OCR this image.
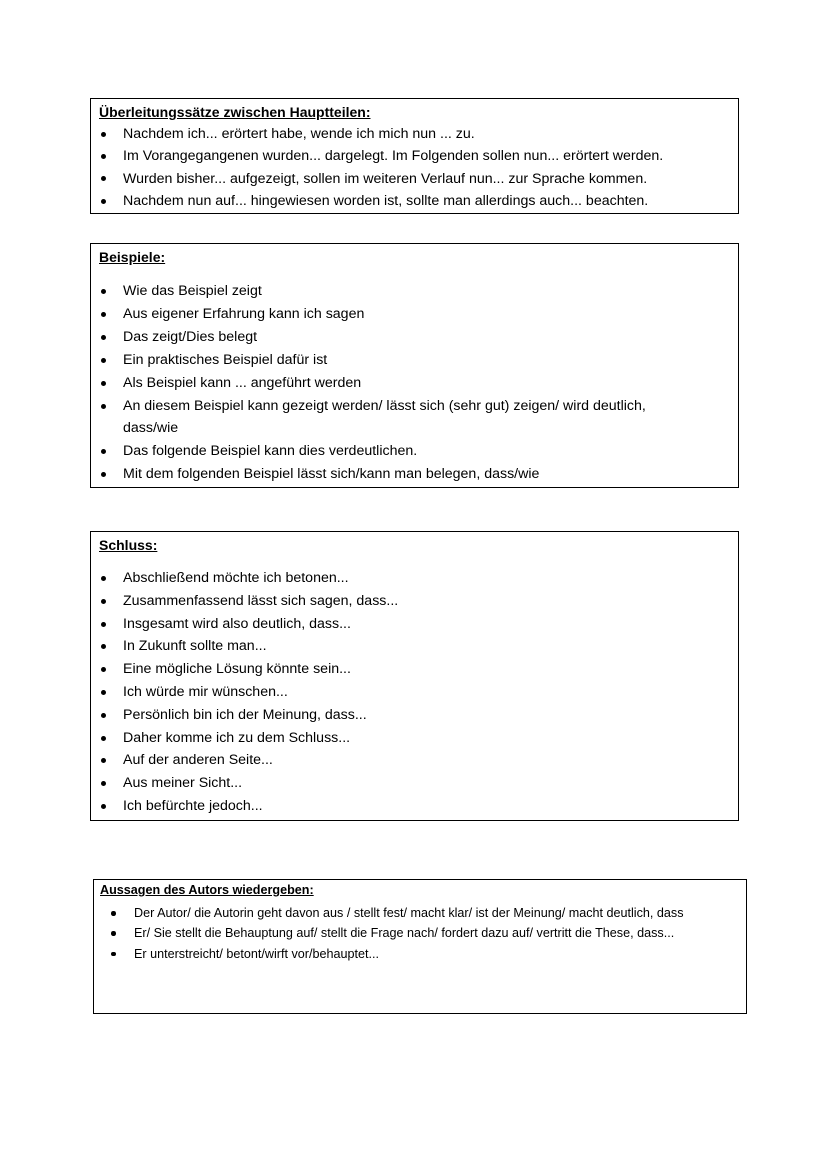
Überleitungssätze zwischen Hauptteilen:

Nachdem ich... erörtert habe, wende ich mich nun ... zu.
Im Vorangegangenen wurden... dargelegt. Im Folgenden sollen nun... erörtert werden.
Wurden bisher... aufgezeigt, sollen im weiteren Verlauf nun... zur Sprache kommen.
Nachdem nun auf... hingewiesen worden ist, sollte man allerdings auch... beachten.

Beispiele:

Wie das Beispiel zeigt
Aus eigener Erfahrung kann ich sagen
Das zeigt/Dies belegt
Ein praktisches Beispiel dafür ist
Als Beispiel kann ... angeführt werden
An diesem Beispiel kann gezeigt werden/ lässt sich (sehr gut) zeigen/ wird deutlich, dass/wie
Das folgende Beispiel kann dies verdeutlichen.
Mit dem folgenden Beispiel lässt sich/kann man belegen, dass/wie

Schluss:

Abschließend möchte ich betonen...
Zusammenfassend lässt sich sagen, dass...
Insgesamt wird also deutlich, dass...
In Zukunft sollte man...
Eine mögliche Lösung könnte sein...
Ich würde mir wünschen...
Persönlich bin ich der Meinung, dass...
Daher komme ich zu dem Schluss...
Auf der anderen Seite...
Aus meiner Sicht...
Ich befürchte jedoch...

Aussagen des Autors wiedergeben:

Der Autor/ die Autorin geht davon aus / stellt fest/ macht klar/ ist der Meinung/ macht deutlich, dass
Er/ Sie stellt die Behauptung auf/ stellt die Frage nach/ fordert dazu auf/ vertritt die These, dass...
Er unterstreicht/ betont/wirft vor/behauptet...
